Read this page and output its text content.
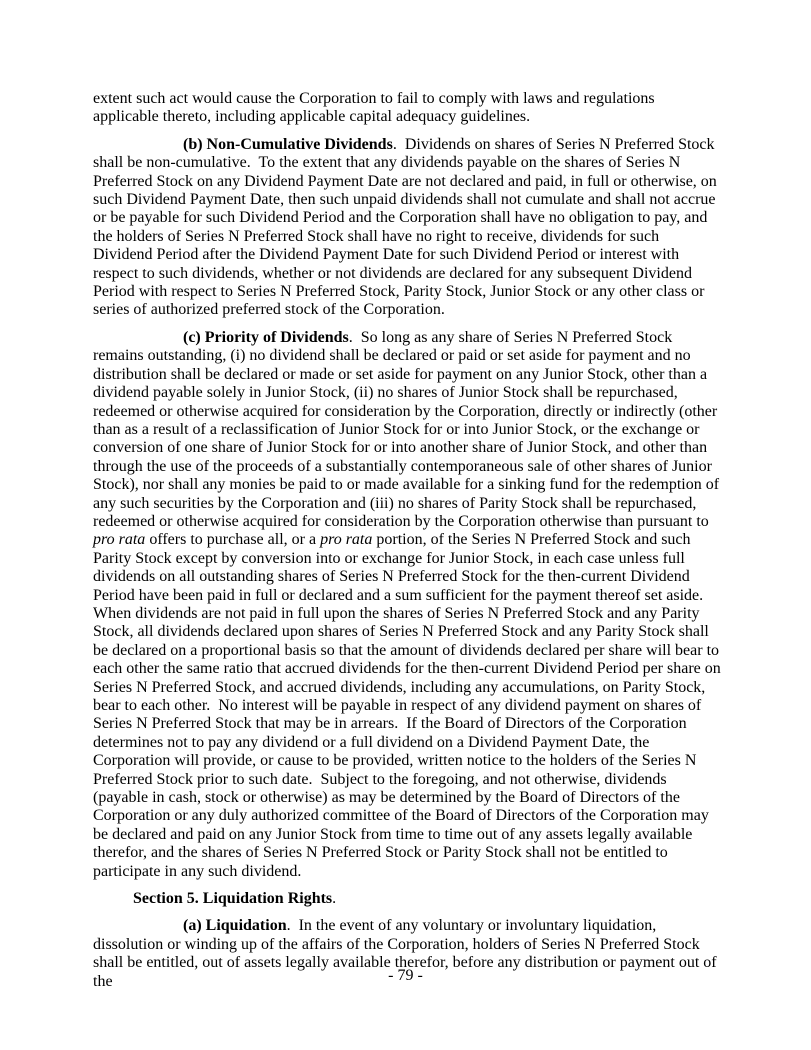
extent such act would cause the Corporation to fail to comply with laws and regulations applicable thereto, including applicable capital adequacy guidelines.

(b) Non-Cumulative Dividends.  Dividends on shares of Series N Preferred Stock shall be non-cumulative.  To the extent that any dividends payable on the shares of Series N Preferred Stock on any Dividend Payment Date are not declared and paid, in full or otherwise, on such Dividend Payment Date, then such unpaid dividends shall not cumulate and shall not accrue or be payable for such Dividend Period and the Corporation shall have no obligation to pay, and the holders of Series N Preferred Stock shall have no right to receive, dividends for such Dividend Period after the Dividend Payment Date for such Dividend Period or interest with respect to such dividends, whether or not dividends are declared for any subsequent Dividend Period with respect to Series N Preferred Stock, Parity Stock, Junior Stock or any other class or series of authorized preferred stock of the Corporation.

(c) Priority of Dividends.  So long as any share of Series N Preferred Stock remains outstanding, (i) no dividend shall be declared or paid or set aside for payment and no distribution shall be declared or made or set aside for payment on any Junior Stock, other than a dividend payable solely in Junior Stock, (ii) no shares of Junior Stock shall be repurchased, redeemed or otherwise acquired for consideration by the Corporation, directly or indirectly (other than as a result of a reclassification of Junior Stock for or into Junior Stock, or the exchange or conversion of one share of Junior Stock for or into another share of Junior Stock, and other than through the use of the proceeds of a substantially contemporaneous sale of other shares of Junior Stock), nor shall any monies be paid to or made available for a sinking fund for the redemption of any such securities by the Corporation and (iii) no shares of Parity Stock shall be repurchased, redeemed or otherwise acquired for consideration by the Corporation otherwise than pursuant to pro rata offers to purchase all, or a pro rata portion, of the Series N Preferred Stock and such Parity Stock except by conversion into or exchange for Junior Stock, in each case unless full dividends on all outstanding shares of Series N Preferred Stock for the then-current Dividend Period have been paid in full or declared and a sum sufficient for the payment thereof set aside.  When dividends are not paid in full upon the shares of Series N Preferred Stock and any Parity Stock, all dividends declared upon shares of Series N Preferred Stock and any Parity Stock shall be declared on a proportional basis so that the amount of dividends declared per share will bear to each other the same ratio that accrued dividends for the then-current Dividend Period per share on Series N Preferred Stock, and accrued dividends, including any accumulations, on Parity Stock, bear to each other.  No interest will be payable in respect of any dividend payment on shares of Series N Preferred Stock that may be in arrears.  If the Board of Directors of the Corporation determines not to pay any dividend or a full dividend on a Dividend Payment Date, the Corporation will provide, or cause to be provided, written notice to the holders of the Series N Preferred Stock prior to such date.  Subject to the foregoing, and not otherwise, dividends (payable in cash, stock or otherwise) as may be determined by the Board of Directors of the Corporation or any duly authorized committee of the Board of Directors of the Corporation may be declared and paid on any Junior Stock from time to time out of any assets legally available therefor, and the shares of Series N Preferred Stock or Parity Stock shall not be entitled to participate in any such dividend.

Section 5. Liquidation Rights.

(a) Liquidation.  In the event of any voluntary or involuntary liquidation, dissolution or winding up of the affairs of the Corporation, holders of Series N Preferred Stock shall be entitled, out of assets legally available therefor, before any distribution or payment out of the	- 79 -
